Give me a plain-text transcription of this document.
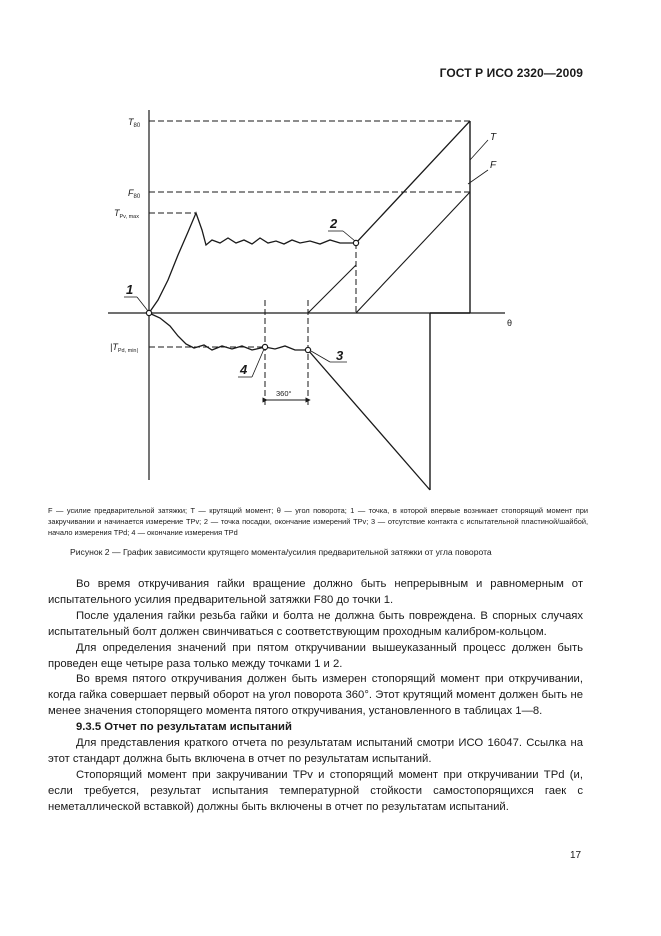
ГОСТ Р ИСО 2320—2009
T
F
$T_{80}$
$F_{80}$
$T_{Pv, max}$
$|T_{Pd, min|}$
θ
1
2
3
4
360°
F — усилие предварительной затяжки; T — крутящий момент; θ — угол поворота; 1 — точка, в которой впервые возникает стопорящий момент при закручивании и начинается измерение TPv; 2 — точка посадки, окончание измерений TPv; 3 — отсутствие контакта с испытательной пластиной/шайбой, начало измерения TPd; 4 — окончание измерения TPd
Рисунок 2 — График зависимости крутящего момента/усилия предварительной затяжки от угла поворота

Во время откручивания гайки вращение должно быть непрерывным и равномерным от испытательного усилия предварительной затяжки F80 до точки 1.

После удаления гайки резьба гайки и болта не должна быть повреждена. В спорных случаях испытательный болт должен свинчиваться с соответствующим проходным калибром-кольцом.

Для определения значений при пятом откручивании вышеуказанный процесс должен быть проведен еще четыре раза только между точками 1 и 2.

Во время пятого откручивания должен быть измерен стопорящий момент при откручивании, когда гайка совершает первый оборот на угол поворота 360°. Этот крутящий момент должен быть не менее значения стопорящего момента пятого откручивания, установленного в таблицах 1—8.

9.3.5 Отчет по результатам испытаний

Для представления краткого отчета по результатам испытаний смотри ИСО 16047. Ссылка на этот стандарт должна быть включена в отчет по результатам испытаний.

Стопорящий момент при закручивании TPv и стопорящий момент при откручивании TPd (и, если требуется, результат испытания температурной стойкости самостопорящихся гаек с неметаллической вставкой) должны быть включены в отчет по результатам испытаний.

17
